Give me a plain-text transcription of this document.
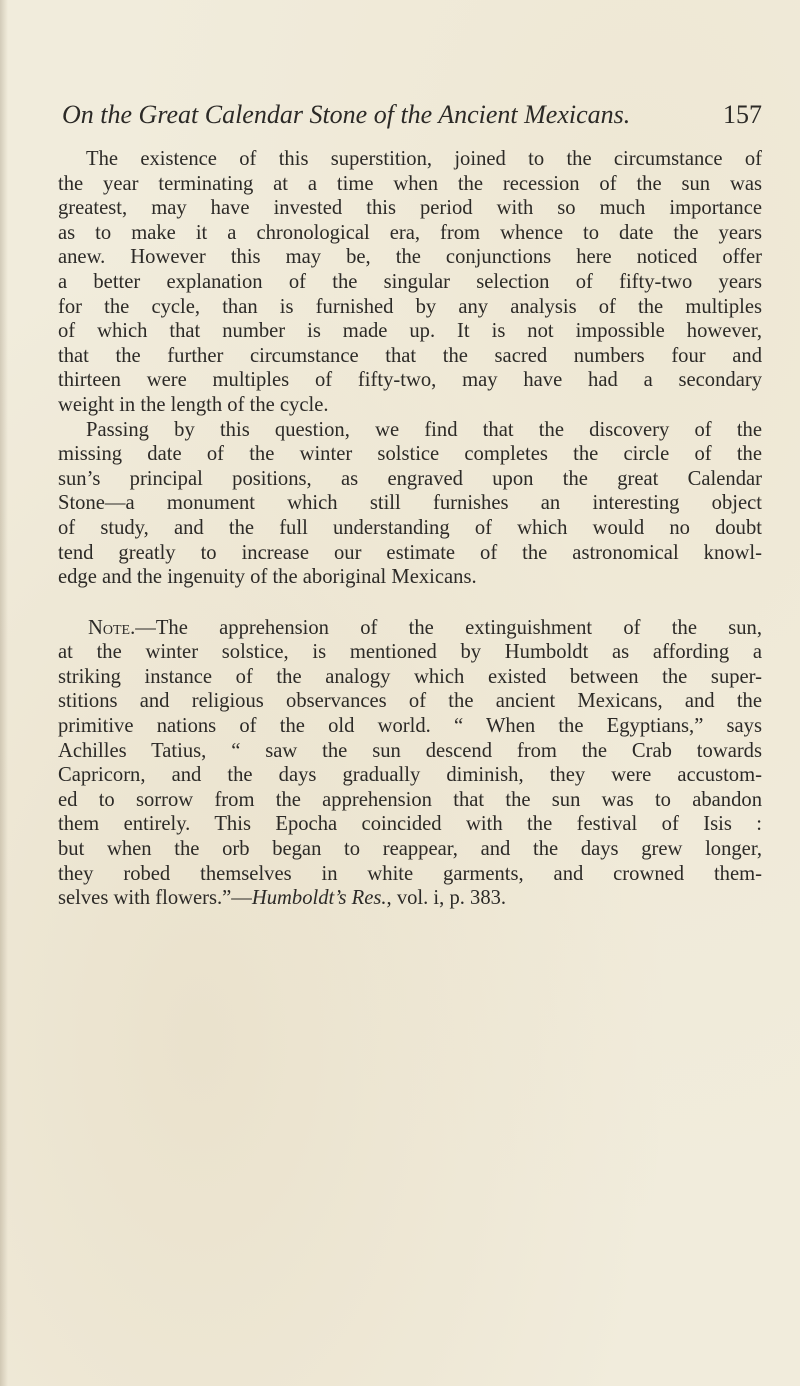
On the Great Calendar Stone of the Ancient Mexicans.	157
The existence of this superstition, joined to the circumstance of
the year terminating at a time when the recession of the sun was
greatest, may have invested this period with so much importance
as to make it a chronological era, from whence to date the years
anew. However this may be, the conjunctions here noticed offer
a better explanation of the singular selection of fifty-two years
for the cycle, than is furnished by any analysis of the multiples
of which that number is made up. It is not impossible however,
that the further circumstance that the sacred numbers four and
thirteen were multiples of fifty-two, may have had a secondary
weight in the length of the cycle.
Passing by this question, we find that the discovery of the
missing date of the winter solstice completes the circle of the
sun’s principal positions, as engraved upon the great Calendar
Stone—a monument which still furnishes an interesting object
of study, and the full understanding of which would no doubt
tend greatly to increase our estimate of the astronomical knowl-
edge and the ingenuity of the aboriginal Mexicans.
Note.—The apprehension of the extinguishment of the sun,
at the winter solstice, is mentioned by Humboldt as affording a
striking instance of the analogy which existed between the super-
stitions and religious observances of the ancient Mexicans, and the
primitive nations of the old world. “ When the Egyptians,” says
Achilles Tatius, “ saw the sun descend from the Crab towards
Capricorn, and the days gradually diminish, they were accustom-
ed to sorrow from the apprehension that the sun was to abandon
them entirely. This Epocha coincided with the festival of Isis :
but when the orb began to reappear, and the days grew longer,
they robed themselves in white garments, and crowned them-
selves with flowers.”—Humboldt’s Res., vol. i, p. 383.
